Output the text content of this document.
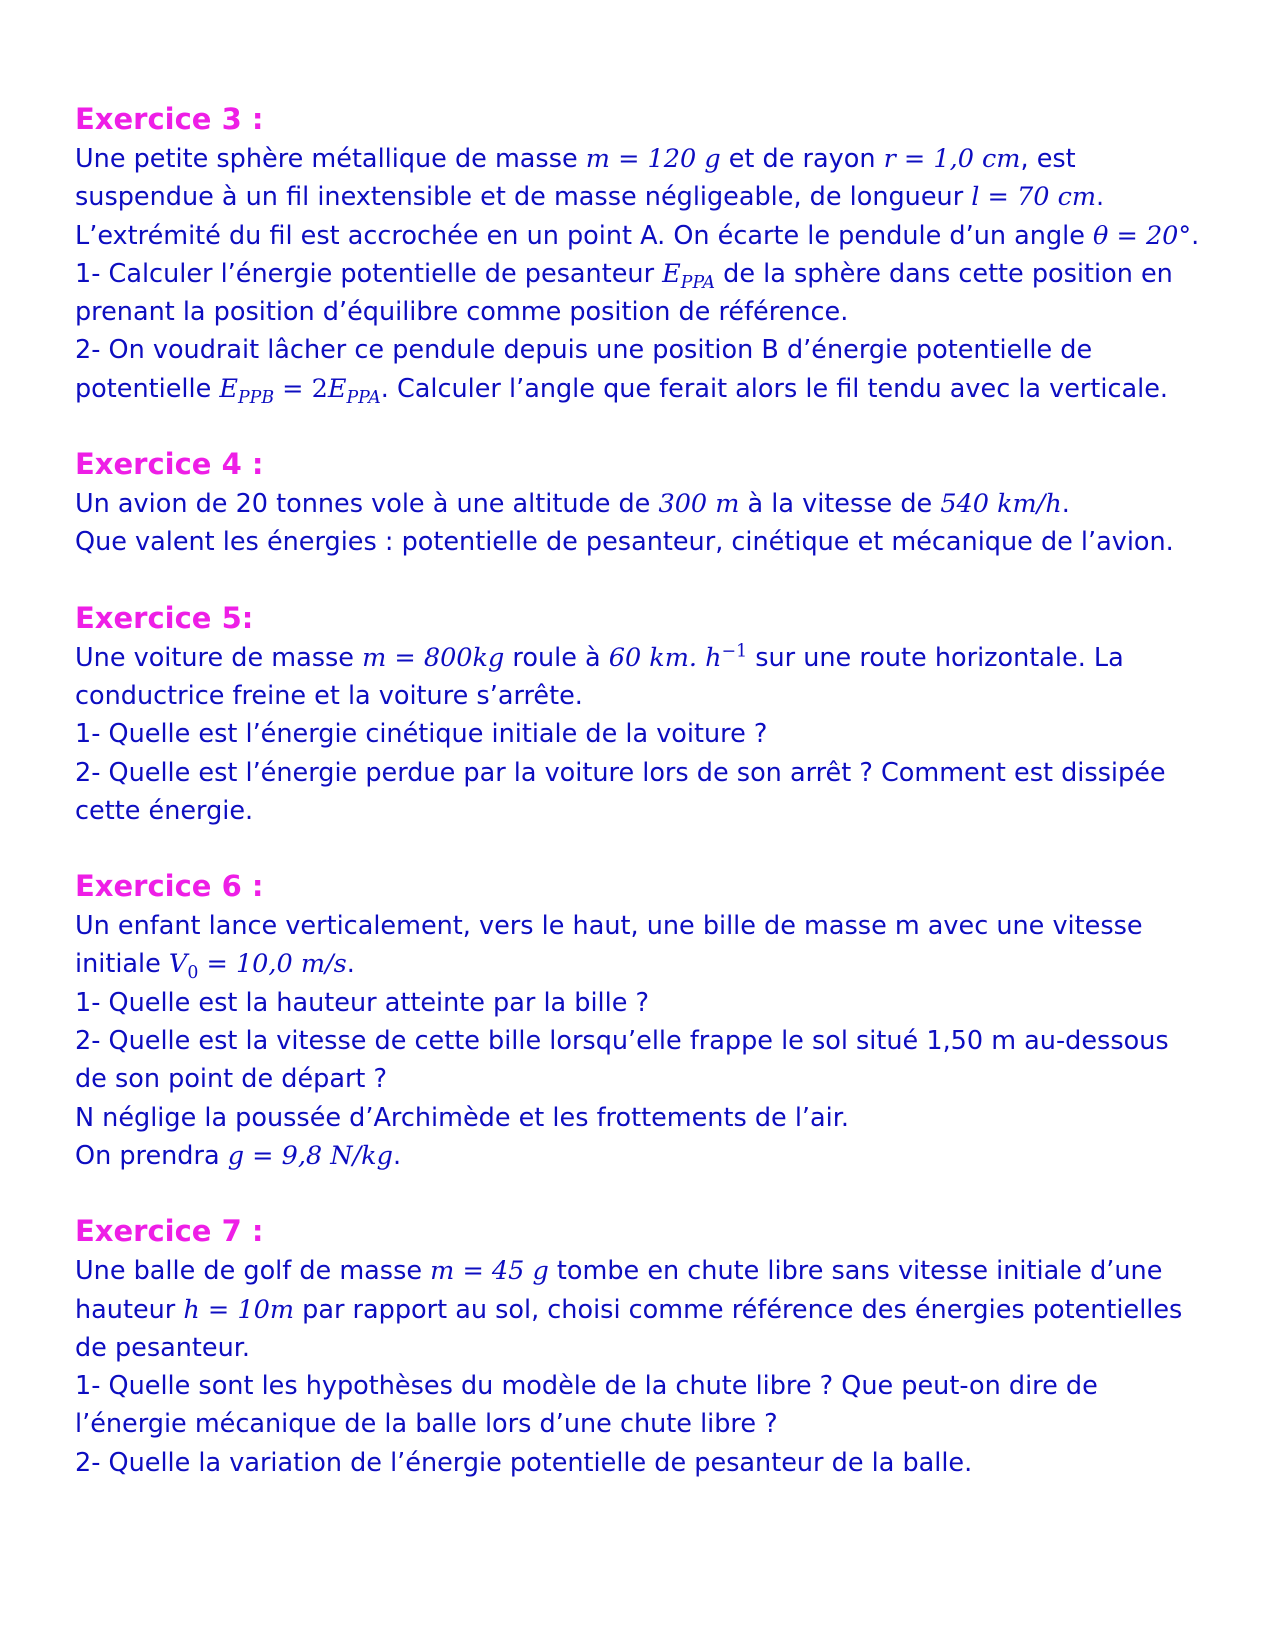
Exercice 3 :
Une petite sphère métallique de masse m = 120 g et de rayon r = 1,0 cm, est
suspendue à un fil inextensible et de masse négligeable, de longueur l = 70 cm.
L’extrémité du fil est accrochée en un point A. On écarte le pendule d’un angle θ = 20°.
1- Calculer l’énergie potentielle de pesanteur $E_{PPA}$ de la sphère dans cette position en
prenant la position d’équilibre comme position de référence.
2- On voudrait lâcher ce pendule depuis une position B d’énergie potentielle de
potentielle $E_{PPB} = 2E_{PPA}$. Calculer l’angle que ferait alors le fil tendu avec la verticale.
Exercice 4 :
Un avion de 20 tonnes vole à une altitude de 300 m à la vitesse de 540 km/h.
Que valent les énergies : potentielle de pesanteur, cinétique et mécanique de l’avion.
Exercice 5:
Une voiture de masse m = 800kg roule à 60 km. $h^{-1}$ sur une route horizontale. La
conductrice freine et la voiture s’arrête.
1- Quelle est l’énergie cinétique initiale de la voiture ?
2- Quelle est l’énergie perdue par la voiture lors de son arrêt ? Comment est dissipée
cette énergie.
Exercice 6 :
Un enfant lance verticalement, vers le haut, une bille de masse m avec une vitesse
initiale $V_0 = 10,0$ m/s.
1- Quelle est la hauteur atteinte par la bille ?
2- Quelle est la vitesse de cette bille lorsqu’elle frappe le sol situé 1,50 m au-dessous
de son point de départ ?
N néglige la poussée d’Archimède et les frottements de l’air.
On prendra g = 9,8 N/kg.
Exercice 7 :
Une balle de golf de masse m = 45 g tombe en chute libre sans vitesse initiale d’une
hauteur h = 10m par rapport au sol, choisi comme référence des énergies potentielles
de pesanteur.
1- Quelle sont les hypothèses du modèle de la chute libre ? Que peut-on dire de
l’énergie mécanique de la balle lors d’une chute libre ?
2- Quelle la variation de l’énergie potentielle de pesanteur de la balle.
